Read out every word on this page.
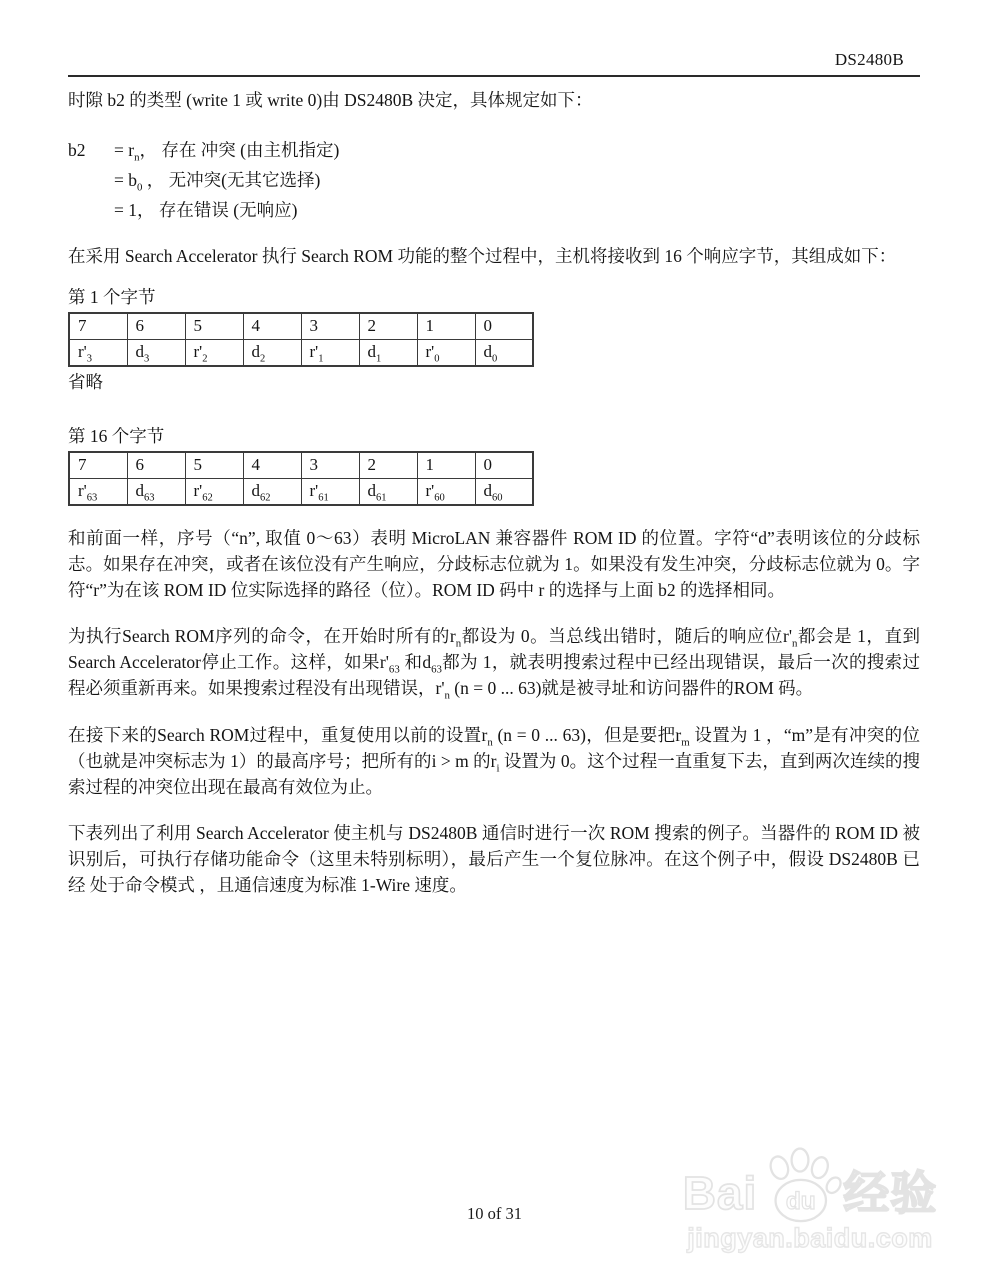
DS2480B

时隙 b2 的类型 (write 1 或 write 0)由 DS2480B 决定，具体规定如下：

b2	= $r_n$， 存在 冲突 (由主机指定)
= $b_0$ ， 无冲突(无其它选择)
= 1， 存在错误 (无响应)

在采用 Search Accelerator 执行 Search ROM 功能的整个过程中，主机将接收到 16 个响应字节，其组成如下：

第 1 个字节
7	6	5	4	3	2	1	0
$r'_3$	$d_3$	$r'_2$	$d_2$	$r'_1$	$d_1$	$r'_0$	$d_0$

省略

第 16 个字节
7	6	5	4	3	2	1	0
$r'_{63}$	$d_{63}$	$r'_{62}$	$d_{62}$	$r'_{61}$	$d_{61}$	$r'_{60}$	$d_{60}$

和前面一样，序号（“n”, 取值 0～63）表明 MicroLAN 兼容器件 ROM ID 的位置。字符“d”表明该位的分歧标志。如果存在冲突，或者在该位没有产生响应，分歧标志位就为 1。如果没有发生冲突，分歧标志位就为 0。字符“r”为在该 ROM ID 位实际选择的路径（位）。ROM ID 码中 r 的选择与上面 b2 的选择相同。

为执行Search ROM序列的命令，在开始时所有的$r_n$都设为 0。当总线出错时，随后的响应位$r'_n$都会是 1，直到Search Accelerator停止工作。这样，如果$r'_{63}$ 和$d_{63}$都为 1，就表明搜索过程中已经出现错误，最后一次的搜索过程必须重新再来。如果搜索过程没有出现错误，$r'_n$ (n = 0 ... 63)就是被寻址和访问器件的ROM 码。

在接下来的Search ROM过程中，重复使用以前的设置$r_n$ (n = 0 ... 63)，但是要把$r_m$ 设置为 1 ，“m”是有冲突的位（也就是冲突标志为 1）的最高序号；把所有的i > m 的$r_i$ 设置为 0。这个过程一直重复下去，直到两次连续的搜索过程的冲突位出现在最高有效位为止。

下表列出了利用 Search Accelerator 使主机与 DS2480B 通信时进行一次 ROM 搜索的例子。当器件的 ROM ID 被识别后，可执行存储功能命令（这里未特别标明），最后产生一个复位脉冲。在这个例子中，假设 DS2480B 已经 处于命令模式 ，且通信速度为标准 1-Wire 速度。

10 of 31	Bai du 经验
jingyan.baidu.com
